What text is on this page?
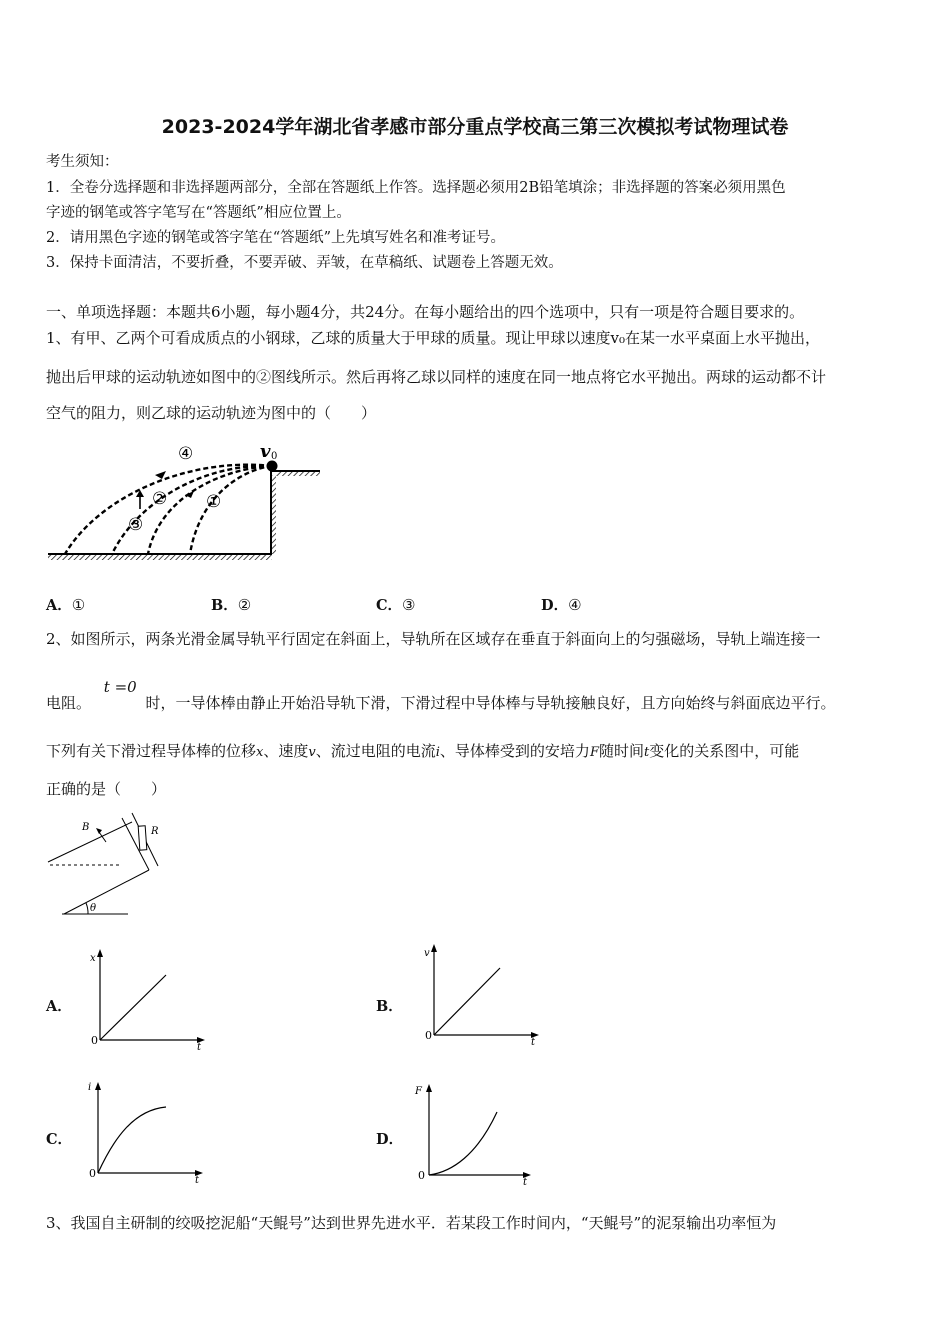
2023-2024学年湖北省孝感市部分重点学校高三第三次模拟考试物理试卷
考生须知：
1．全卷分选择题和非选择题两部分，全部在答题纸上作答。选择题必须用2B铅笔填涂；非选择题的答案必须用黑色
字迹的钢笔或答字笔写在“答题纸”相应位置上。
2．请用黑色字迹的钢笔或答字笔在“答题纸”上先填写姓名和准考证号。
3．保持卡面清洁，不要折叠，不要弄破、弄皱，在草稿纸、试题卷上答题无效。
一、单项选择题：本题共6小题，每小题4分，共24分。在每小题给出的四个选项中，只有一项是符合题目要求的。
1、有甲、乙两个可看成质点的小钢球，乙球的质量大于甲球的质量。现让甲球以速度v₀在某一水平桌面上水平抛出，
抛出后甲球的运动轨迹如图中的②图线所示。然后再将乙球以同样的速度在同一地点将它水平抛出。两球的运动都不计
空气的阻力，则乙球的运动轨迹为图中的（　　）
④
② ①
③
v 0
A．①	B．②	C．③	D．④
2、如图所示，两条光滑金属导轨平行固定在斜面上，导轨所在区域存在垂直于斜面向上的匀强磁场，导轨上端连接一
电阻。 t =0 时，一导体棒由静止开始沿导轨下滑，下滑过程中导体棒与导轨接触良好，且方向始终与斜面底边平行。
下列有关下滑过程导体棒的位移x、速度v、流过电阻的电流i、导体棒受到的安培力F随时间t变化的关系图中，可能
正确的是（　　）
B	R
θ
A．
x
t
0
B．
v
t
0
C．
i
t
0
D．
F
t
0
3、我国自主研制的绞吸挖泥船“天鲲号”达到世界先进水平．若某段工作时间内，“天鲲号”的泥泵输出功率恒为
